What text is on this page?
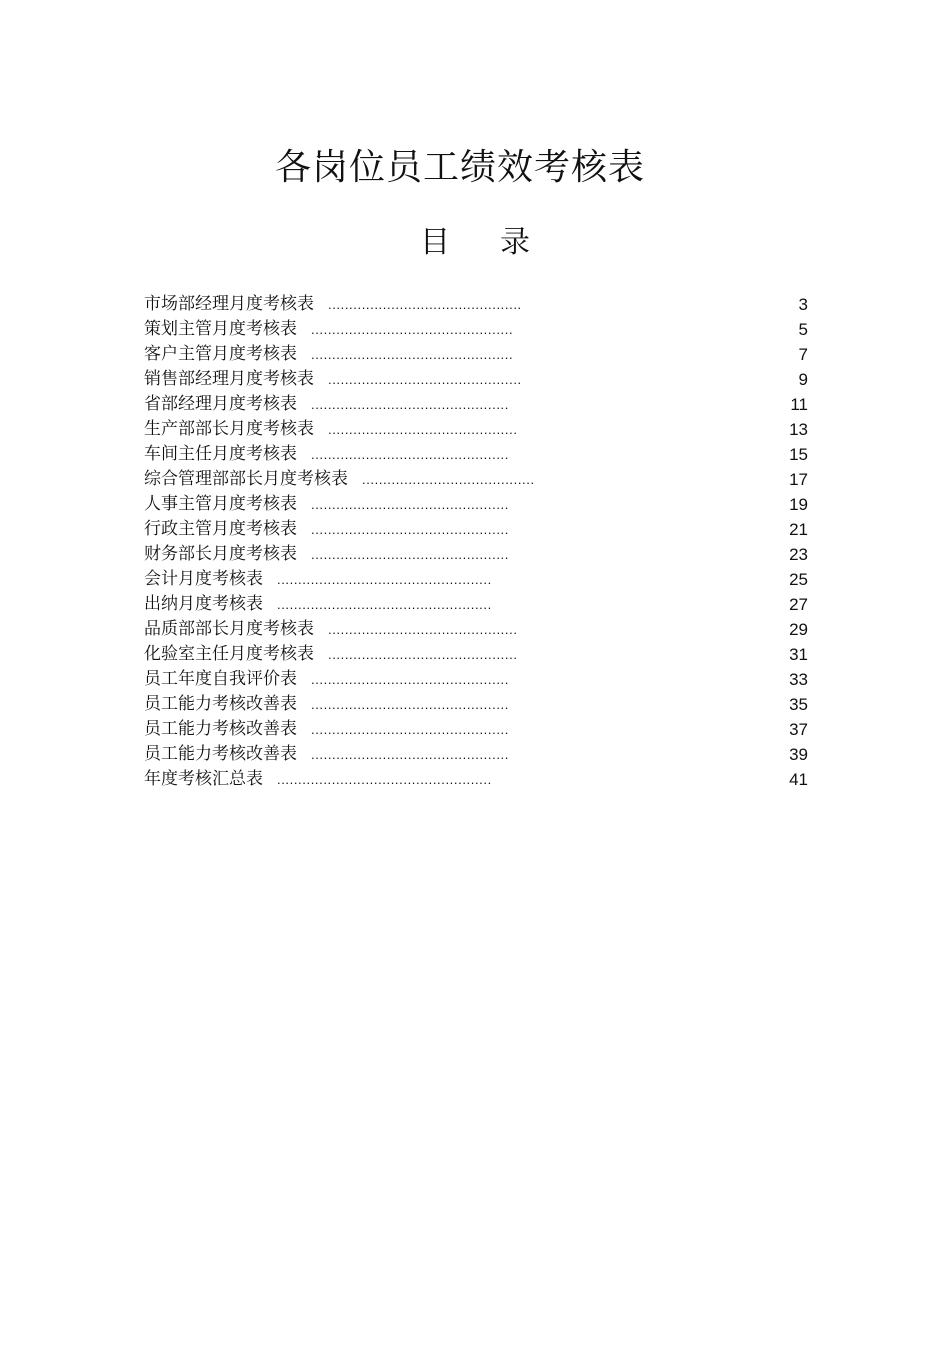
各岗位员工绩效考核表
目录
市场部经理月度考核表 ..............................................	3
策划主管月度考核表 ................................................	5
客户主管月度考核表 ................................................	7
销售部经理月度考核表 ..............................................	9
省部经理月度考核表 ...............................................	11
生产部部长月度考核表 .............................................	13
车间主任月度考核表 ...............................................	15
综合管理部部长月度考核表 .........................................	17
人事主管月度考核表 ...............................................	19
行政主管月度考核表 ...............................................	21
财务部长月度考核表 ...............................................	23
会计月度考核表 ...................................................	25
出纳月度考核表 ...................................................	27
品质部部长月度考核表 .............................................	29
化验室主任月度考核表 .............................................	31
员工年度自我评价表 ...............................................	33
员工能力考核改善表 ...............................................	35
员工能力考核改善表 ...............................................	37
员工能力考核改善表 ...............................................	39
年度考核汇总表 ...................................................	41
